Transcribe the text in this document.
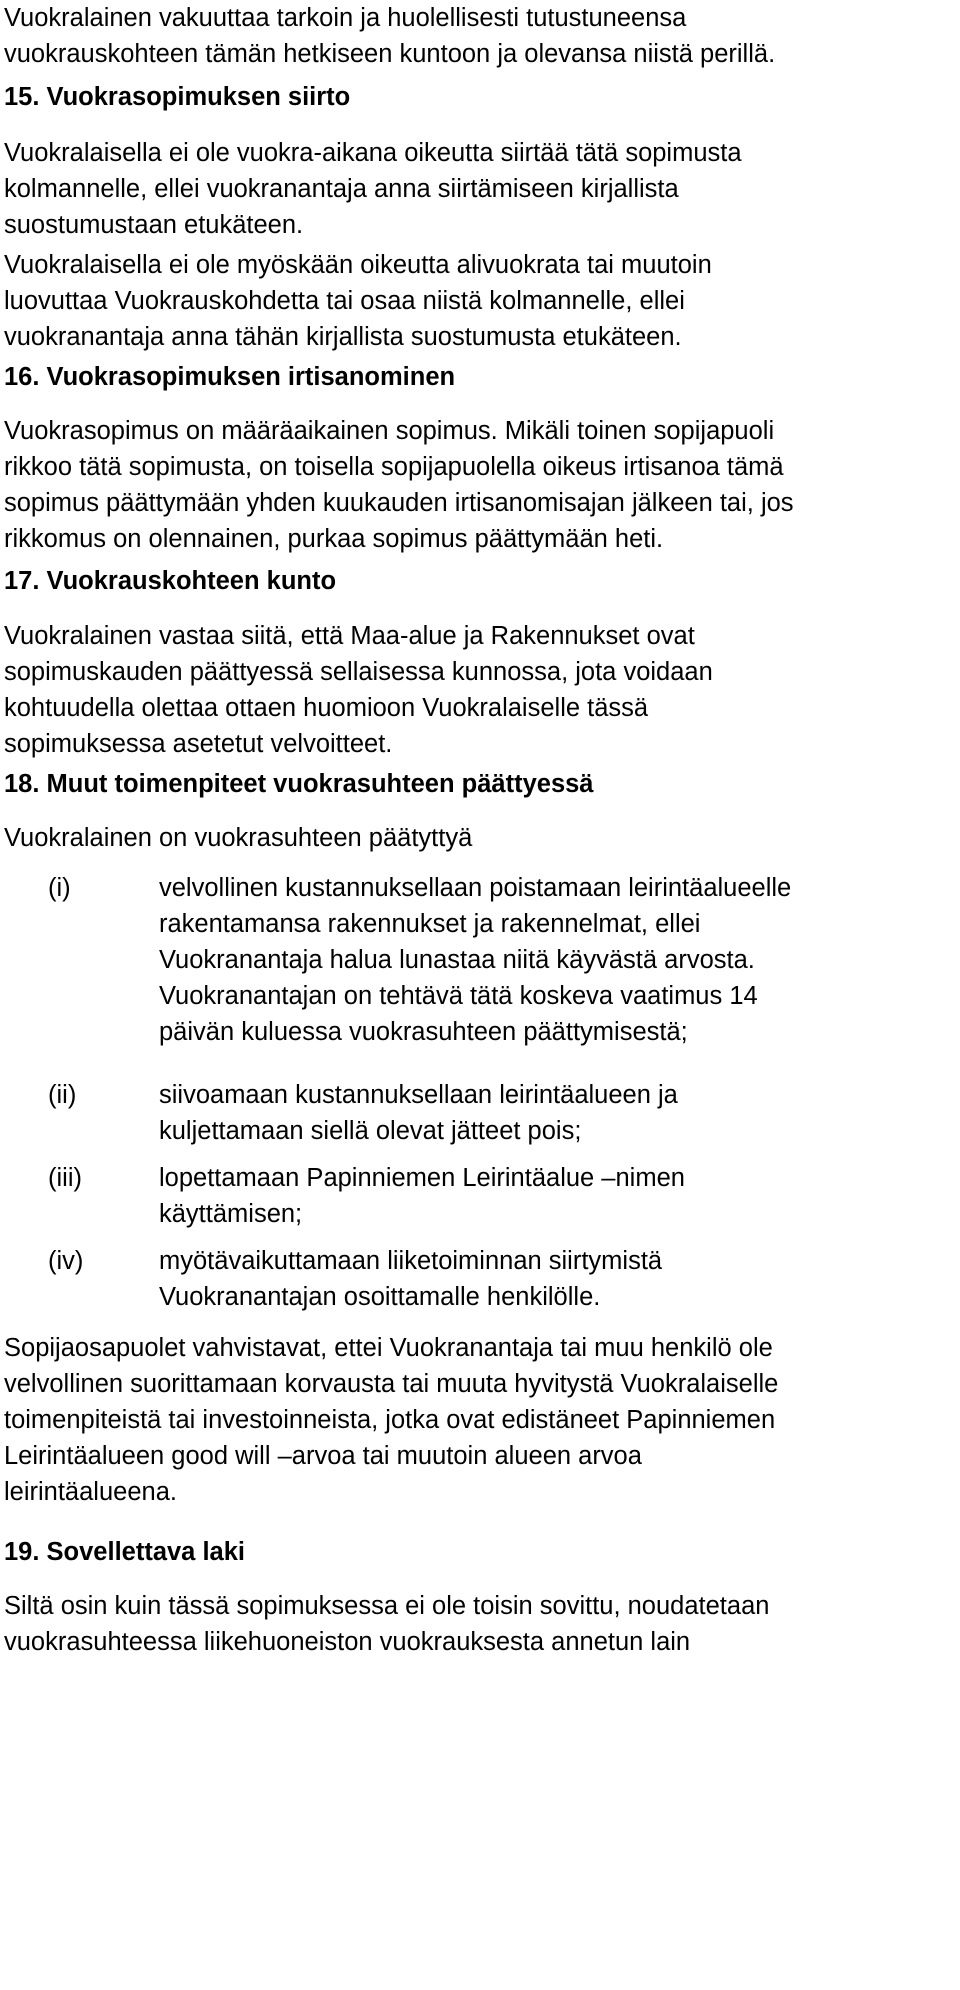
Vuokralainen vakuuttaa tarkoin ja huolellisesti tutustuneensa
vuokrauskohteen tämän hetkiseen kuntoon ja olevansa niistä perillä.

15. Vuokrasopimuksen siirto

Vuokralaisella ei ole vuokra-aikana oikeutta siirtää tätä sopimusta
kolmannelle, ellei vuokranantaja anna siirtämiseen kirjallista
suostumustaan etukäteen.

Vuokralaisella ei ole myöskään oikeutta alivuokrata tai muutoin
luovuttaa Vuokrauskohdetta tai osaa niistä kolmannelle, ellei
vuokranantaja anna tähän kirjallista suostumusta etukäteen.

16. Vuokrasopimuksen irtisanominen

Vuokrasopimus on määräaikainen sopimus. Mikäli toinen sopijapuoli
rikkoo tätä sopimusta, on toisella sopijapuolella oikeus irtisanoa tämä
sopimus päättymään yhden kuukauden irtisanomisajan jälkeen tai, jos
rikkomus on olennainen, purkaa sopimus päättymään heti.

17. Vuokrauskohteen kunto

Vuokralainen vastaa siitä, että Maa-alue ja Rakennukset ovat
sopimuskauden päättyessä sellaisessa kunnossa, jota voidaan
kohtuudella olettaa ottaen huomioon Vuokralaiselle tässä
sopimuksessa asetetut velvoitteet.

18. Muut toimenpiteet vuokrasuhteen päättyessä
Vuokralainen on vuokrasuhteen päätyttyä
(i)	velvollinen kustannuksellaan poistamaan leirintäalueelle
rakentamansa rakennukset ja rakennelmat, ellei
Vuokranantaja halua lunastaa niitä käyvästä arvosta.
Vuokranantajan on tehtävä tätä koskeva vaatimus 14
päivän kuluessa vuokrasuhteen päättymisestä;
(ii)	siivoamaan kustannuksellaan leirintäalueen ja
kuljettamaan siellä olevat jätteet pois;
(iii)	lopettamaan Papinniemen Leirintäalue –nimen
käyttämisen;
(iv)	myötävaikuttamaan liiketoiminnan siirtymistä
Vuokranantajan osoittamalle henkilölle.

Sopijaosapuolet vahvistavat, ettei Vuokranantaja tai muu henkilö ole
velvollinen suorittamaan korvausta tai muuta hyvitystä Vuokralaiselle
toimenpiteistä tai investoinneista, jotka ovat edistäneet Papinniemen
Leirintäalueen good will –arvoa tai muutoin alueen arvoa
leirintäalueena.

19. Sovellettava laki

Siltä osin kuin tässä sopimuksessa ei ole toisin sovittu, noudatetaan
vuokrasuhteessa liikehuoneiston vuokrauksesta annetun lain
